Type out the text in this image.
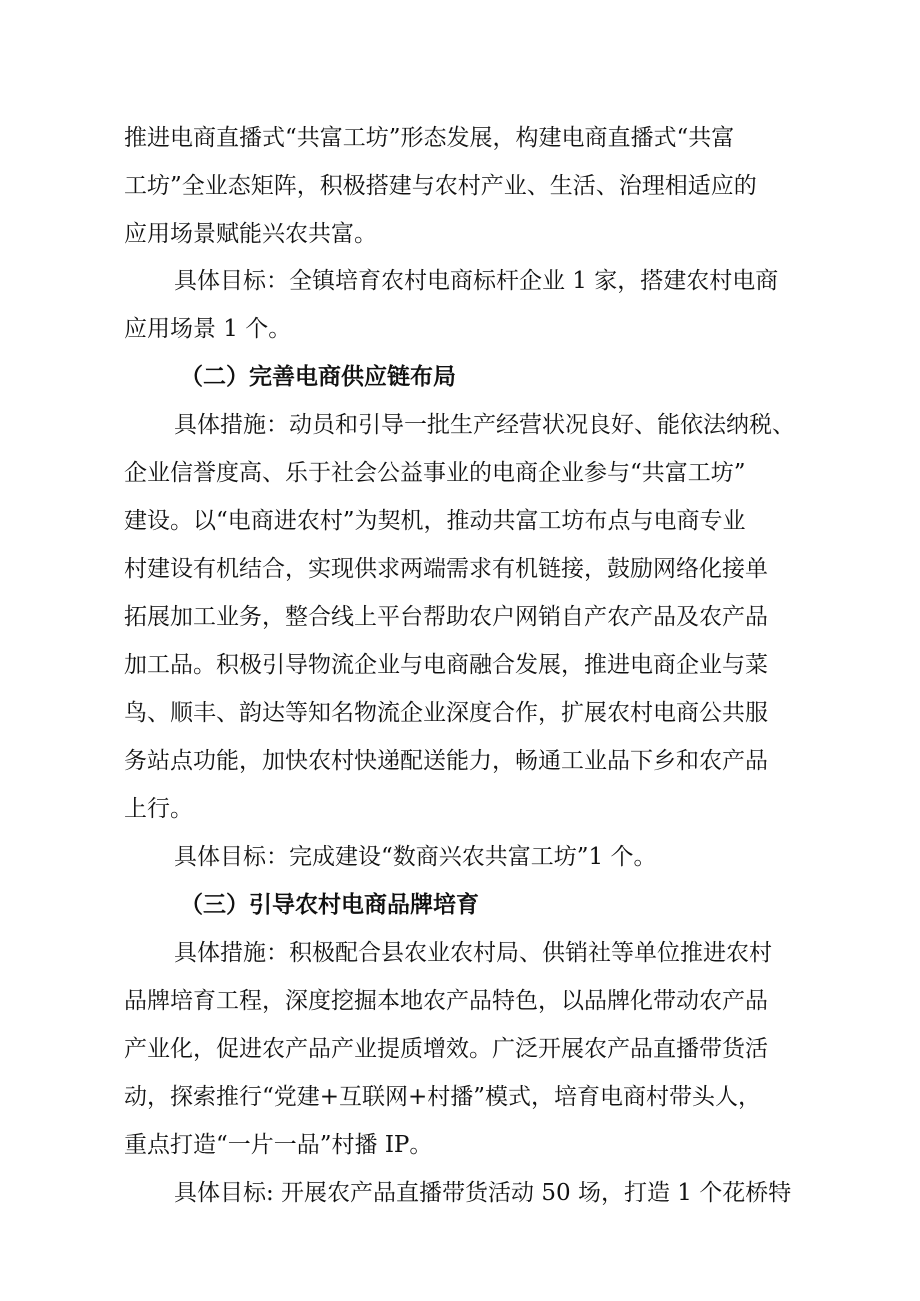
推进电商直播式“共富工坊”形态发展，构建电商直播式“共富
工坊”全业态矩阵，积极搭建与农村产业、生活、治理相适应的
应用场景赋能兴农共富。
具体目标：全镇培育农村电商标杆企业 1 家，搭建农村电商
应用场景 1 个。
（二）完善电商供应链布局
具体措施：动员和引导一批生产经营状况良好、能依法纳税、
企业信誉度高、乐于社会公益事业的电商企业参与“共富工坊”
建设。以“电商进农村”为契机，推动共富工坊布点与电商专业
村建设有机结合，实现供求两端需求有机链接，鼓励网络化接单
拓展加工业务，整合线上平台帮助农户网销自产农产品及农产品
加工品。积极引导物流企业与电商融合发展，推进电商企业与菜
鸟、顺丰、韵达等知名物流企业深度合作，扩展农村电商公共服
务站点功能，加快农村快递配送能力，畅通工业品下乡和农产品
上行。
具体目标：完成建设“数商兴农共富工坊”1 个。
（三）引导农村电商品牌培育
具体措施：积极配合县农业农村局、供销社等单位推进农村
品牌培育工程，深度挖掘本地农产品特色，以品牌化带动农产品
产业化，促进农产品产业提质增效。广泛开展农产品直播带货活
动，探索推行“党建+互联网+村播”模式，培育电商村带头人，
重点打造“一片一品”村播 IP。
具体目标: 开展农产品直播带货活动 50 场，打造 1 个花桥特
